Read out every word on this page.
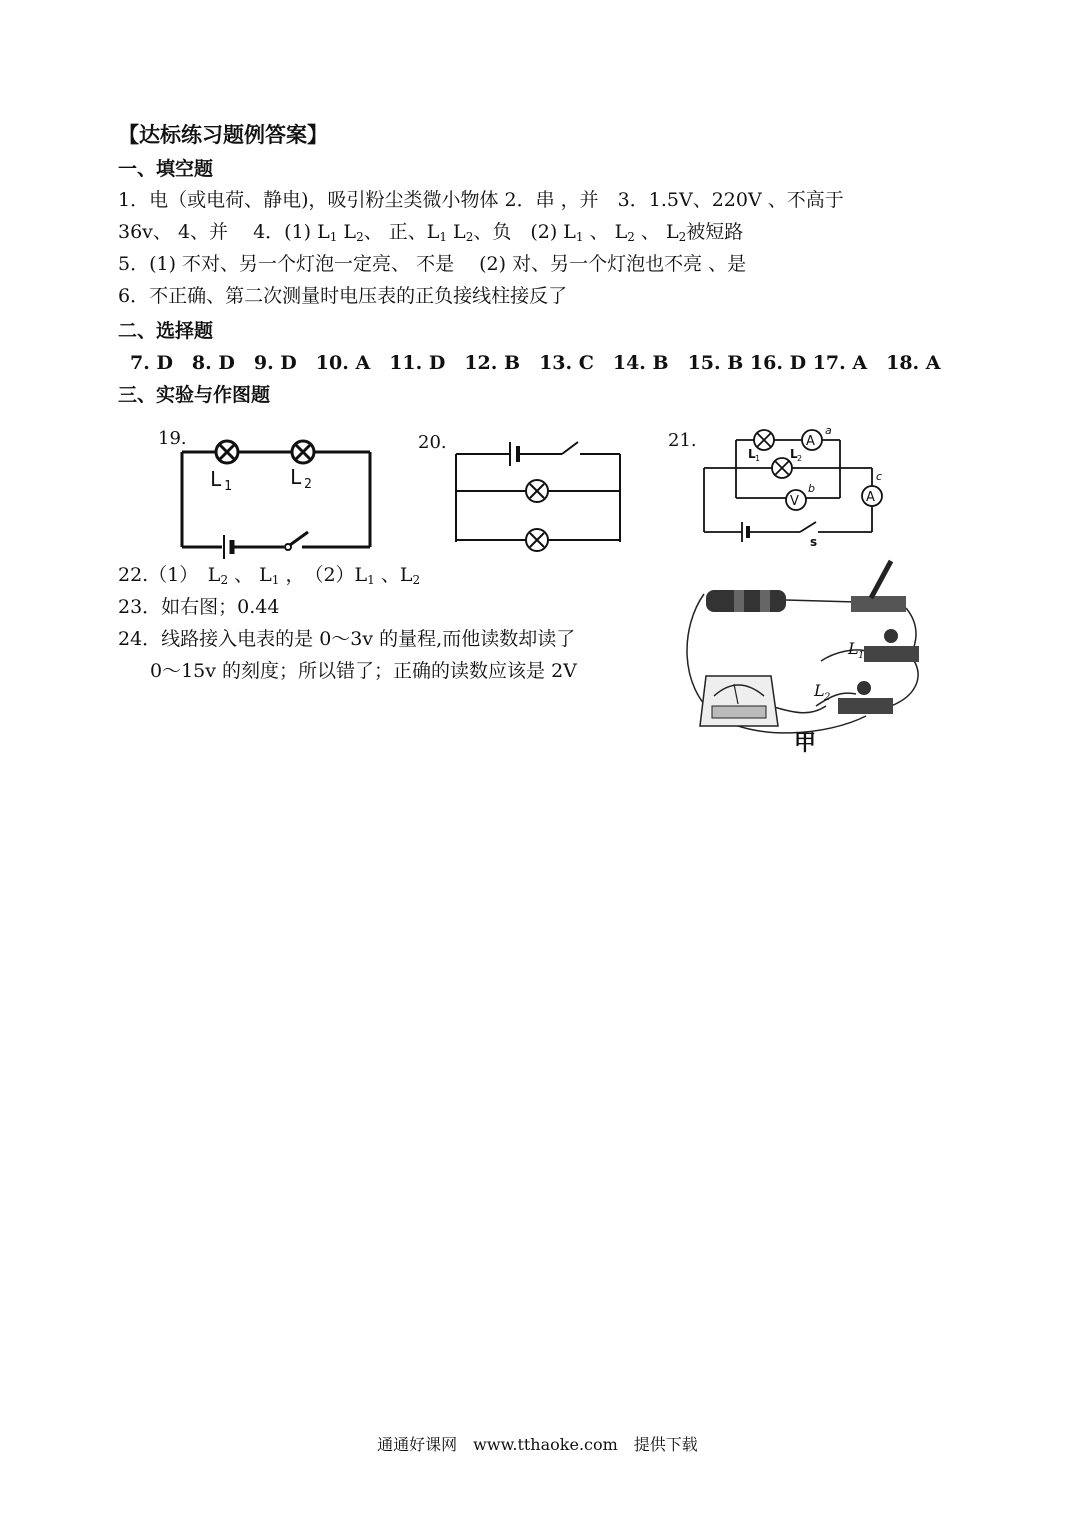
【达标练习题例答案】
一、填空题
1．电（或电荷、静电)，吸引粉尘类微小物体 2．串 ，并　3．1.5V、220V 、不高于
36v、 4、并　 4．(1) $L_1$ $L_2$、 正、$L_1$ $L_2$、负　(2) $L_1$ 、 $L_2$ 、 $L_2$被短路
5．(1) 不对、另一个灯泡一定亮、 不是　 (2) 对、另一个灯泡也不亮 、是
6．不正确、第二次测量时电压表的正负接线柱接反了
二、选择题
7. D　8. D　9. D　10. A　11. D　12. B　13. C　14. B　15. B 16. D 17. A　18. A
三、实验与作图题
19.
L 1	L 2
20.	21.	A
a
V
b
A
c
s
L 1 L 2
22.（1）　$L_2$ 、 $L_1$ ，　$(2)L_1$ 、$L_2$
23．如右图；0.44
24．线路接入电表的是 0～3v 的量程,而他读数却读了
0～15v 的刻度；所以错了；正确的读数应该是 2V
L 1
L 2
甲
通通好课网　www.tthaoke.com　提供下载
